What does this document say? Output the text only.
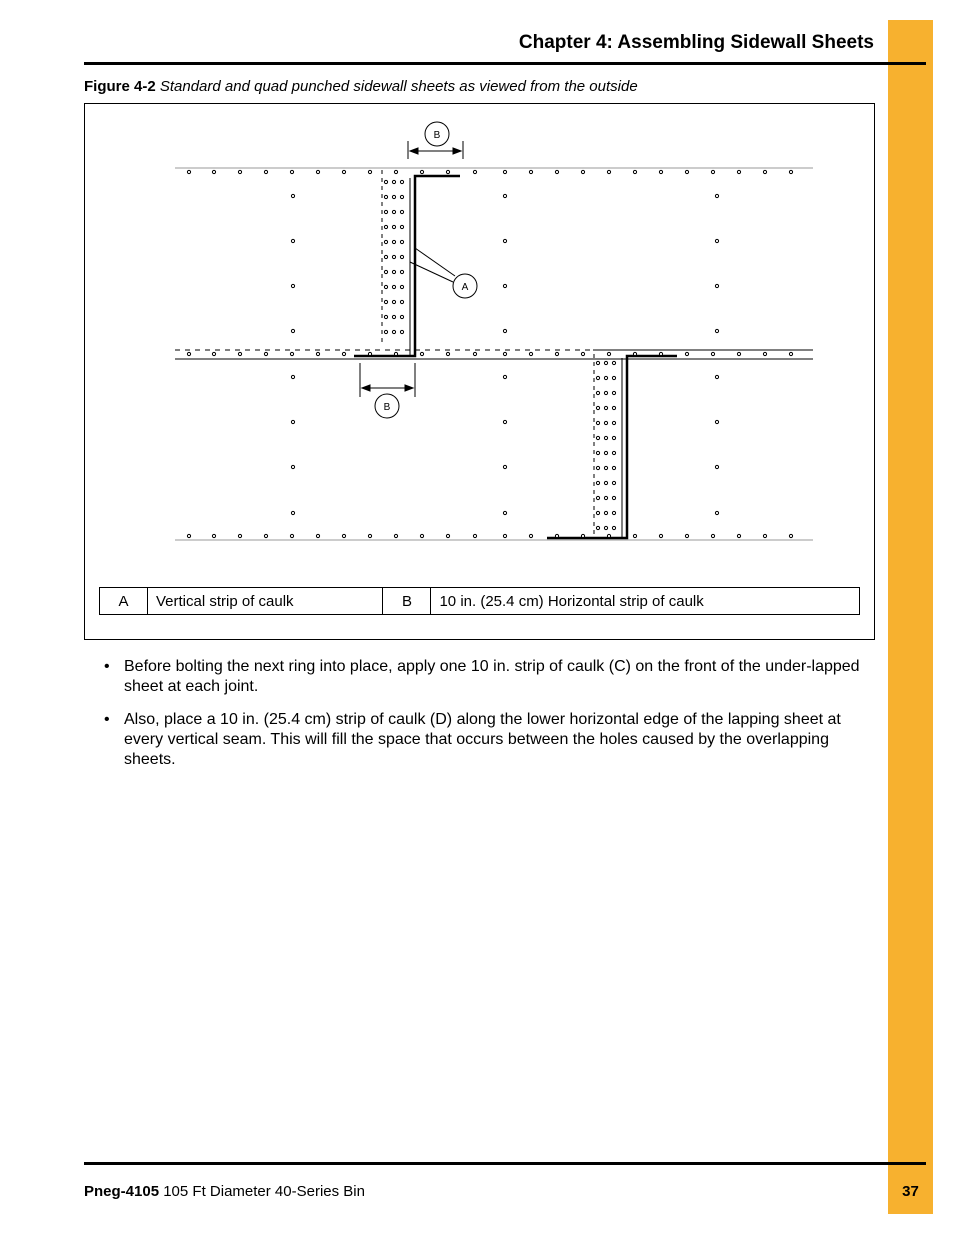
Chapter 4: Assembling Sidewall Sheets
Figure 4-2 Standard and quad punched sidewall sheets as viewed from the outside
B
B
A
A	Vertical strip of caulk	B	10 in. (25.4 cm) Horizontal strip of caulk
• Before bolting the next ring into place, apply one 10 in. strip of caulk (C) on the front of the under-lapped sheet at each joint.
• Also, place a 10 in. (25.4 cm) strip of caulk (D) along the lower horizontal edge of the lapping sheet at every vertical seam. This will fill the space that occurs between the holes caused by the overlapping sheets.
Pneg-4105 105 Ft Diameter 40-Series Bin	37
